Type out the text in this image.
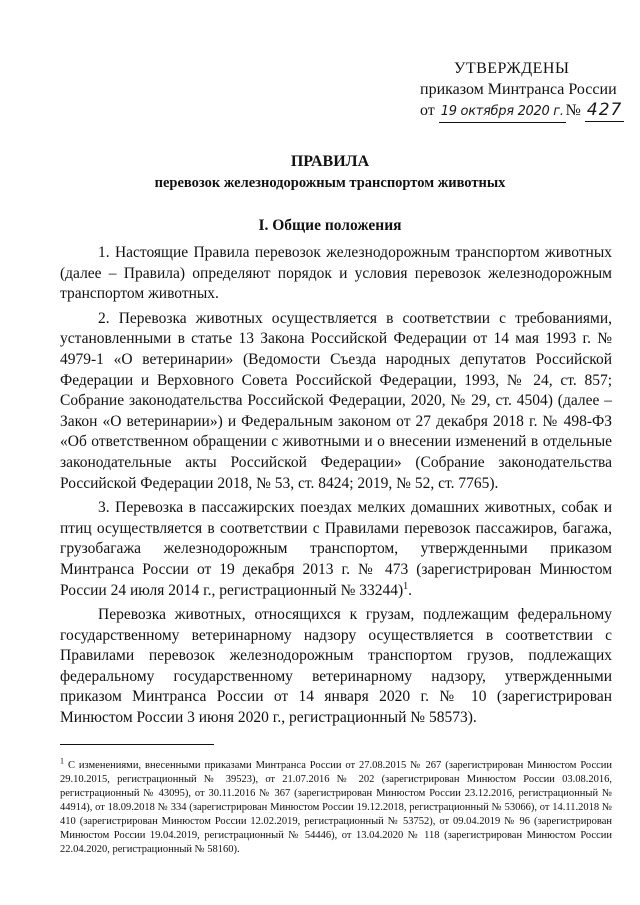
УТВЕРЖДЕНЫ
приказом Минтранса России
от 19 октября 2020 г. № 427
ПРАВИЛА
перевозок железнодорожным транспортом животных
I. Общие положения

1. Настоящие Правила перевозок железнодорожным транспортом животных (далее – Правила) определяют порядок и условия перевозок железнодорожным транспортом животных.

2. Перевозка животных осуществляется в соответствии с требованиями, установленными в статье 13 Закона Российской Федерации от 14 мая 1993 г. № 4979-1 «О ветеринарии» (Ведомости Съезда народных депутатов Российской Федерации и Верховного Совета Российской Федерации, 1993, № 24, ст. 857; Собрание законодательства Российской Федерации, 2020, № 29, ст. 4504) (далее – Закон «О ветеринарии») и Федеральным законом от 27 декабря 2018 г. № 498-ФЗ «Об ответственном обращении с животными и о внесении изменений в отдельные законодательные акты Российской Федерации» (Собрание законодательства Российской Федерации 2018, № 53, ст. 8424; 2019, № 52, ст. 7765).

3. Перевозка в пассажирских поездах мелких домашних животных, собак и птиц осуществляется в соответствии с Правилами перевозок пассажиров, багажа, грузобагажа железнодорожным транспортом, утвержденными приказом Минтранса России от 19 декабря 2013 г. № 473 (зарегистрирован Минюстом России 24 июля 2014 г., регистрационный № 33244)$^1$.

Перевозка животных, относящихся к грузам, подлежащим федеральному государственному ветеринарному надзору осуществляется в соответствии с Правилами перевозок железнодорожным транспортом грузов, подлежащих федеральному государственному ветеринарному надзору, утвержденными приказом Минтранса России от 14 января 2020 г. № 10 (зарегистрирован Минюстом России 3 июня 2020 г., регистрационный № 58573).

$^1$ С изменениями, внесенными приказами Минтранса России от 27.08.2015 № 267 (зарегистрирован Минюстом России 29.10.2015, регистрационный № 39523), от 21.07.2016 № 202 (зарегистрирован Минюстом России 03.08.2016, регистрационный № 43095), от 30.11.2016 № 367 (зарегистрирован Минюстом России 23.12.2016, регистрационный № 44914), от 18.09.2018 № 334 (зарегистрирован Минюстом России 19.12.2018, регистрационный № 53066), от 14.11.2018 № 410 (зарегистрирован Минюстом России 12.02.2019, регистрационный № 53752), от 09.04.2019 № 96 (зарегистрирован Минюстом России 19.04.2019, регистрационный № 54446), от 13.04.2020 № 118 (зарегистрирован Минюстом России 22.04.2020, регистрационный № 58160).
